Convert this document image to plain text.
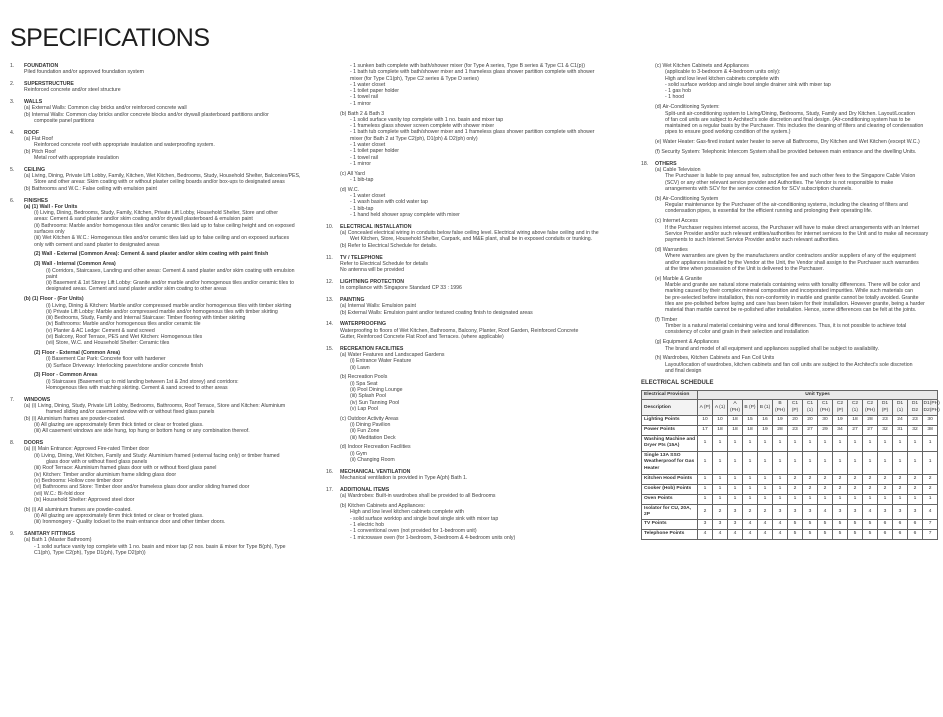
SPECIFICATIONS
1. FOUNDATION
Piled foundation and/or approved foundation system
2. SUPERSTRUCTURE
Reinforced concrete and/or steel structure
3. WALLS
(a) External Walls: Common clay bricks and/or reinforced concrete wall
(b) Internal Walls: Common clay bricks and/or concrete blocks and/or drywall plasterboard partitions and/or
composite panel partitions
4. ROOF
(a) Flat Roof
Reinforced concrete roof with appropriate insulation and waterproofing system.
(b) Pitch Roof
Metal roof with appropriate insulation
5. CEILING
(a) Living, Dining, Private Lift Lobby, Family, Kitchen, Wet Kitchen, Bedrooms, Study, Household Shelter, Balconies/PES,
Store and other areas: Skim coating with or without plaster ceiling boards and/or box-ups to designated areas
(b) Bathrooms and W.C.: False ceiling with emulsion paint
6. FINISHES
(a) (1) Wall - For Units
(i) Living, Dining, Bedrooms, Study, Family, Kitchen, Private Lift Lobby, Household Shelter, Store and other
areas: Cement & sand plaster and/or skim coating and/or drywall plasterboard & emulsion paint
(ii) Bathrooms: Marble and/or homogenous tiles and/or ceramic tiles laid up to false ceiling height and on exposed
surfaces only
(iii) Wet Kitchen & W.C.: Homogenous tiles and/or ceramic tiles laid up to false ceiling and on exposed surfaces
only with cement and sand plaster to designated areas
(2) Wall - External (Common Area): Cement & sand plaster and/or skim coating with paint finish
(3) Wall - Internal (Common Area)
(i) Corridors, Staircases, Landing and other areas: Cement & sand plaster and/or skim coating with emulsion
paint
(ii) Basement & 1st Storey Lift Lobby: Granite and/or marble and/or homogenous tiles and/or ceramic tiles to
designated areas. Cement and sand plaster and/or skim coating to other areas
(b) (1) Floor - (For Units)
(i) Living, Dining & Kitchen: Marble and/or compressed marble and/or homogenous tiles with timber skirting
(ii) Private Lift Lobby: Marble and/or compressed marble and/or homogenous tiles with timber skirting
(iii) Bedrooms, Study, Family and Internal Staircase: Timber flooring with timber skirting
(iv) Bathrooms: Marble and/or homogenous tiles and/or ceramic tile
(v) Planter & AC Ledge: Cement & sand screed
(vi) Balcony, Roof Terrace, PES and Wet Kitchen: Homogenous tiles
(vii) Store, W.C. and Household Shelter: Ceramic tiles
(2) Floor - External (Common Area)
(i) Basement Car Park: Concrete floor with hardener
(ii) Surface Driveway: Interlocking paver/stone and/or concrete finish
(3) Floor - Common Areas
(i) Staircases (Basement up to mid landing between 1st & 2nd storey) and corridors:
Homogenous tiles with matching skirting. Cement & sand screed to other areas
7. WINDOWS
(a) (i) Living, Dining, Study, Private Lift Lobby, Bedrooms, Bathrooms, Roof Terrace, Store and Kitchen: Aluminium
framed sliding and/or casement window with or without fixed glass panels
(b) (i) Aluminium frames are powder-coated.
(ii) All glazing are approximately 6mm thick tinted or clear or frosted glass.
(iii) All casement windows are side hung, top hung or bottom hung or any combination thereof.
8. DOORS
(a) (i) Main Entrance: Approved Fire-rated Timber door
(ii) Living, Dining, Wet Kitchen, Family and Study: Aluminium framed (external facing only) or timber framed
glass door with or without fixed glass panels
(iii) Roof Terrace: Aluminium framed glass door with or without fixed glass panel
(iv) Kitchen: Timber and/or aluminium frame sliding glass door
(v) Bedrooms: Hollow core timber door
(vi) Bathrooms and Store: Timber door and/or frameless glass door and/or sliding framed door
(vii) W.C.: Bi-fold door
(ix) Household Shelter: Approved steel door
(b) (i) All aluminium frames are powder-coated.
(ii) All glazing are approximately 6mm thick tinted or clear or frosted glass.
(iii) Ironmongery - Quality lockset to the main entrance door and other timber doors.
9. SANITARY FITTINGS
(a) Bath 1 (Master Bathroom)
- 1 solid surface vanity top complete with 1 no. basin and mixer tap (2 nos. basin & mixer for Type B(ph), Type
C1(ph), Type C2(ph), Type D1(ph), Type D2(ph))
- 1 sunken bath complete with bath/shower mixer (for Type A series, Type B series & Type C1 & C1(p))
- 1 bath tub complete with bath/shower mixer and 1 frameless glass shower partition complete with shower
mixer (for Type C1(ph), Type C2 series & Type D series)
- 1 water closet
- 1 toilet paper holder
- 1 towel rail
- 1 mirror
(b) Bath 2 & Bath 3
- 1 solid surface vanity top complete with 1 no. basin and mixer tap
- 1 frameless glass shower screen complete with shower mixer
- 1 bath tub complete with bath/shower mixer and 1 frameless glass shower partition complete with shower
mixer (for Bath 2 at Type C2(ph), D1(ph) & D2(ph) only)
- 1 water closet
- 1 toilet paper holder
- 1 towel rail
- 1 mirror
(c) All Yard
- 1 bib-tap
(d) W.C.
- 1 water closet
- 1 wash basin with cold water tap
- 1 bib-tap
- 1 hand held shower spray complete with mixer
10. ELECTRICAL INSTALLATION
(a) Concealed electrical wiring in conduits below false ceiling level. Electrical wiring above false ceiling and in the
Wet Kitchen, Store, Household Shelter, Carpark, and M&E plant, shall be in exposed conduits or trunking.
(b) Refer to Electrical Schedule for details.
11. TV / TELEPHONE
Refer to Electrical Schedule for details
No antenna will be provided
12. LIGHTNING PROTECTION
In compliance with Singapore Standard CP 33 : 1996
13. PAINTING
(a) Internal Walls: Emulsion paint
(b) External Walls: Emulsion paint and/or textured coating finish to designated areas
14. WATERPROOFING
Waterproofing to floors of Wet Kitchen, Bathrooms, Balcony, Planter, Roof Garden, Reinforced Concrete
Gutter, Reinforced Concrete Flat Roof and Terraces. (where applicable)
15. RECREATION FACILITIES
(a) Water Features and Landscaped Gardens
(i) Entrance Water Feature
(ii) Lawn
(b) Recreation Pools
(i) Spa Seat
(ii) Pool Dining Lounge
(iii) Splash Pool
(iv) Sun Tanning Pool
(v) Lap Pool
(c) Outdoor Activity Areas
(i) Dining Pavilion
(ii) Fun Zone
(iii) Meditation Deck
(d) Indoor Recreation Facilities
(i) Gym
(ii) Changing Room
16. MECHANICAL VENTILATION
Mechanical ventilation is provided in Type A(ph) Bath 1.
17. ADDITIONAL ITEMS
(a) Wardrobes: Built-in wardrobes shall be provided to all Bedrooms
(b) Kitchen Cabinets and Appliances:
High and low level kitchen cabinets complete with
- solid surface worktop and single bowl single sink with mixer tap
- 1 electric hob
- 1 conventional oven (not provided for 1-bedroom unit)
- 1 microwave oven (for 1-bedroom, 3-bedroom & 4-bedroom units only)
(c) Wet Kitchen Cabinets and Appliances
(applicable to 3-bedroom & 4-bedroom units only):
High and low level kitchen cabinets complete with
- solid surface worktop and single bowl single drainer sink with mixer tap
- 1 gas hob
- 1 hood
(d) Air-Conditioning System:
Split-unit air-conditioning system to Living/Dining, Bedrooms, Study, Family and Dry Kitchen. Layout/Location
of fan coil units are subject to Architect's sole discretion and final design. (Air-conditioning system has to be
maintained on a regular basis by the Purchaser. This includes the cleaning of filters and clearing of condensation
pipes to ensure good working condition of the system.)
(e) Water Heater: Gas-fired instant water heater to serve all Bathrooms, Dry Kitchen and Wet Kitchen (except W.C.)
(f) Security System: Telephonic Intercom System shall be provided between main entrance and the dwelling Units.
18. OTHERS
(a) Cable Television
The Purchaser is liable to pay annual fee, subscription fee and such other fees to the Singapore Cable Vision
(SCV) or any other relevant service provider and Authorities. The Vendor is not responsible to make
arrangements with SCV for the service connection for SCV subscription channels.
(b) Air-Conditioning System
Regular maintenance by the Purchaser of the air-conditioning systems, including the clearing of filters and
condensation pipes, is essential for the efficient running and prolonging their operating life.
(c) Internet Access
If the Purchaser requires internet access, the Purchaser will have to make direct arrangements with an Internet
Service Provider and/or such relevant entities/authorities for internet services to the Unit and to make all necessary
payments to such Internet Service Provider and/or such relevant authorities.
(d) Warranties
Where warranties are given by the manufacturers and/or contractors and/or suppliers of any of the equipment
and/or appliances installed by the Vendor at the Unit, the Vendor shall assign to the Purchaser such warranties
at the time when possession of the Unit is delivered to the Purchaser.
(e) Marble & Granite
Marble and granite are natural stone materials containing veins with tonality differences. There will be color and
marking caused by their complex mineral composition and incorporated impurities. While such materials can
be pre-selected before installation, this non-conformity in marble and granite cannot be totally avoided. Granite
tiles are pre-polished before laying and care has been taken for their installation. However granite, being a harder
material than marble cannot be re-polished after installation. Hence, some differences can be felt at the joints.
(f) Timber
Timber is a natural material containing veins and tonal differences. Thus, it is not possible to achieve total
consistency of color and grain in their selection and installation
(g) Equipment & Appliances
The brand and model of all equipment and appliances supplied shall be subject to availability.
(h) Wardrobes, Kitchen Cabinets and Fan Coil Units
Layout/location of wardrobes, kitchen cabinets and fan coil units are subject to the Architect's sole discretion
and final design
ELECTRICAL SCHEDULE
Electrical Provision	Unit Types															
Description	A (P)	A (1)	A (PH)	B (P)	B (1)	B (PH)	C1 (P)	C1 (1)	C1 (PH)	C2 (P)	C2 (1)	C2 (PH)	D1 (P)	D1 (1)	D1 D2	D1(PH) D2(PH)
Lighting Points	10	10	18	15	16	19	20	20	30	19	18	28	23	24	23	30
Power Points	17	18	18	18	19	28	23	27	29	34	27	27	32	31	32	38
Washing Machine and Dryer Pts (15A)	1	1	1	1	1	1	1	1	1	1	1	1	1	1	1	1
Single 13A SSO Weatherproof for Gas Heater	1	1	1	1	1	1	1	1	1	1	1	1	1	1	1	1
Kitchen Hood Points	1	1	1	1	1	1	2	2	2	2	2	2	2	2	2	2
Cooker (Hob) Points	1	1	1	1	1	1	2	2	2	2	2	2	2	2	2	2
Oven Points	1	1	1	1	1	1	1	1	1	1	1	1	1	1	1	1
Isolator for CU, 20A, 2P	2	2	3	2	2	3	3	3	4	3	3	4	3	3	3	4
TV Points	3	3	3	4	4	4	5	5	5	5	5	5	6	6	6	7
Telephone Points	4	4	4	4	4	4	5	5	5	5	5	5	6	6	6	7
